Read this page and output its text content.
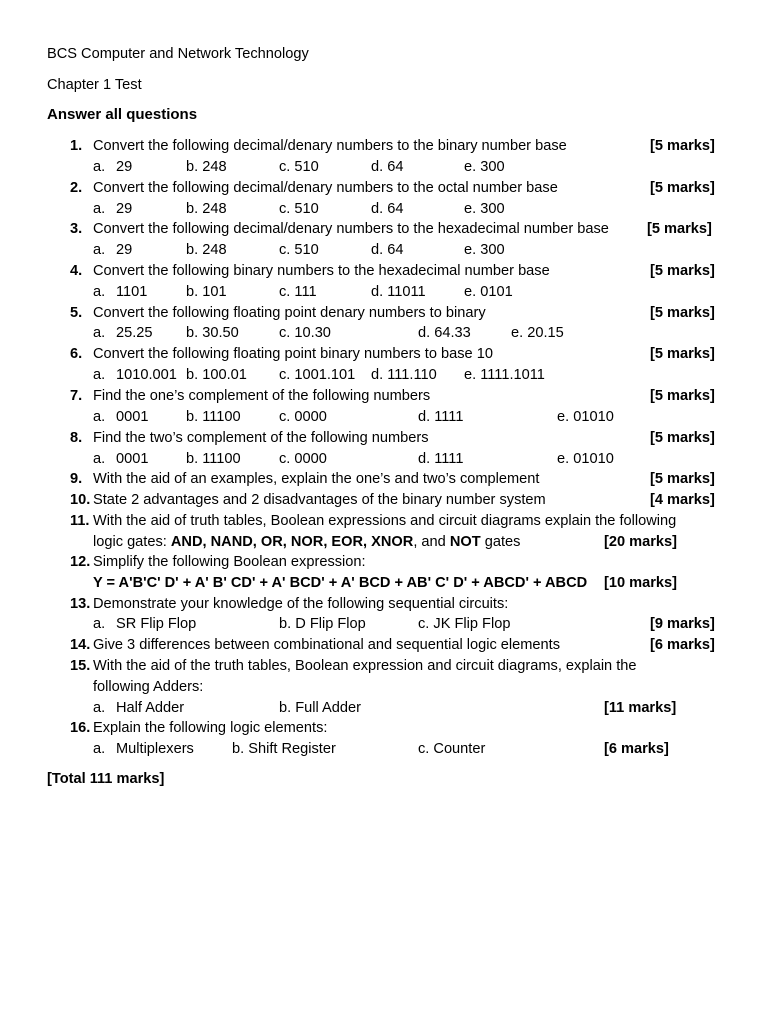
BCS Computer and Network Technology
Chapter 1 Test
Answer all questions
1. Convert the following decimal/denary numbers to the binary number base	[5 marks]
a. 29	b. 248	c. 510	d. 64	e. 300
2. Convert the following decimal/denary numbers to the octal number base	[5 marks]
a. 29	b. 248	c. 510	d. 64	e. 300
3. Convert the following decimal/denary numbers to the hexadecimal number base	[5 marks]
a. 29	b. 248	c. 510	d. 64	e. 300
4. Convert the following binary numbers to the hexadecimal number base	[5 marks]
a. 1101	b. 101	c. 111	d. 11011	e. 0101
5. Convert the following floating point denary numbers to binary	[5 marks]
a. 25.25 b. 30.50	c. 10.30	d. 64.33	e. 20.15
6. Convert the following floating point binary numbers to base 10	[5 marks]
a. 1010.001 b. 100.01 c. 1001.101 d. 111.110 e. 1111.1011
7. Find the one’s complement of the following numbers	[5 marks]
a. 0001	b. 11100	c. 0000	d. 1111	e. 01010
8. Find the two’s complement of the following numbers	[5 marks]
a. 0001	b. 11100	c. 0000	d. 1111	e. 01010
9. With the aid of an examples, explain the one’s and two’s complement	[5 marks]
10. State 2 advantages and 2 disadvantages of the binary number system	[4 marks]
11. With the aid of truth tables, Boolean expressions and circuit diagrams explain the following
logic gates: AND, NAND, OR, NOR, EOR, XNOR, and NOT gates	[20 marks]
12. Simplify the following Boolean expression:
Y = A'B'C' D' + A' B' CD' + A' BCD' + A' BCD + AB' C' D' + ABCD' + ABCD [10 marks]
13. Demonstrate your knowledge of the following sequential circuits:
a. SR Flip Flop	b. D Flip Flop	c. JK Flip Flop	[9 marks]
14. Give 3 differences between combinational and sequential logic elements	[6 marks]
15. With the aid of the truth tables, Boolean expression and circuit diagrams, explain the
following Adders:
a. Half Adder	b. Full Adder	[11 marks]
16. Explain the following logic elements:
a. Multiplexers	b. Shift Register	c. Counter	[6 marks]
[Total 111 marks]
